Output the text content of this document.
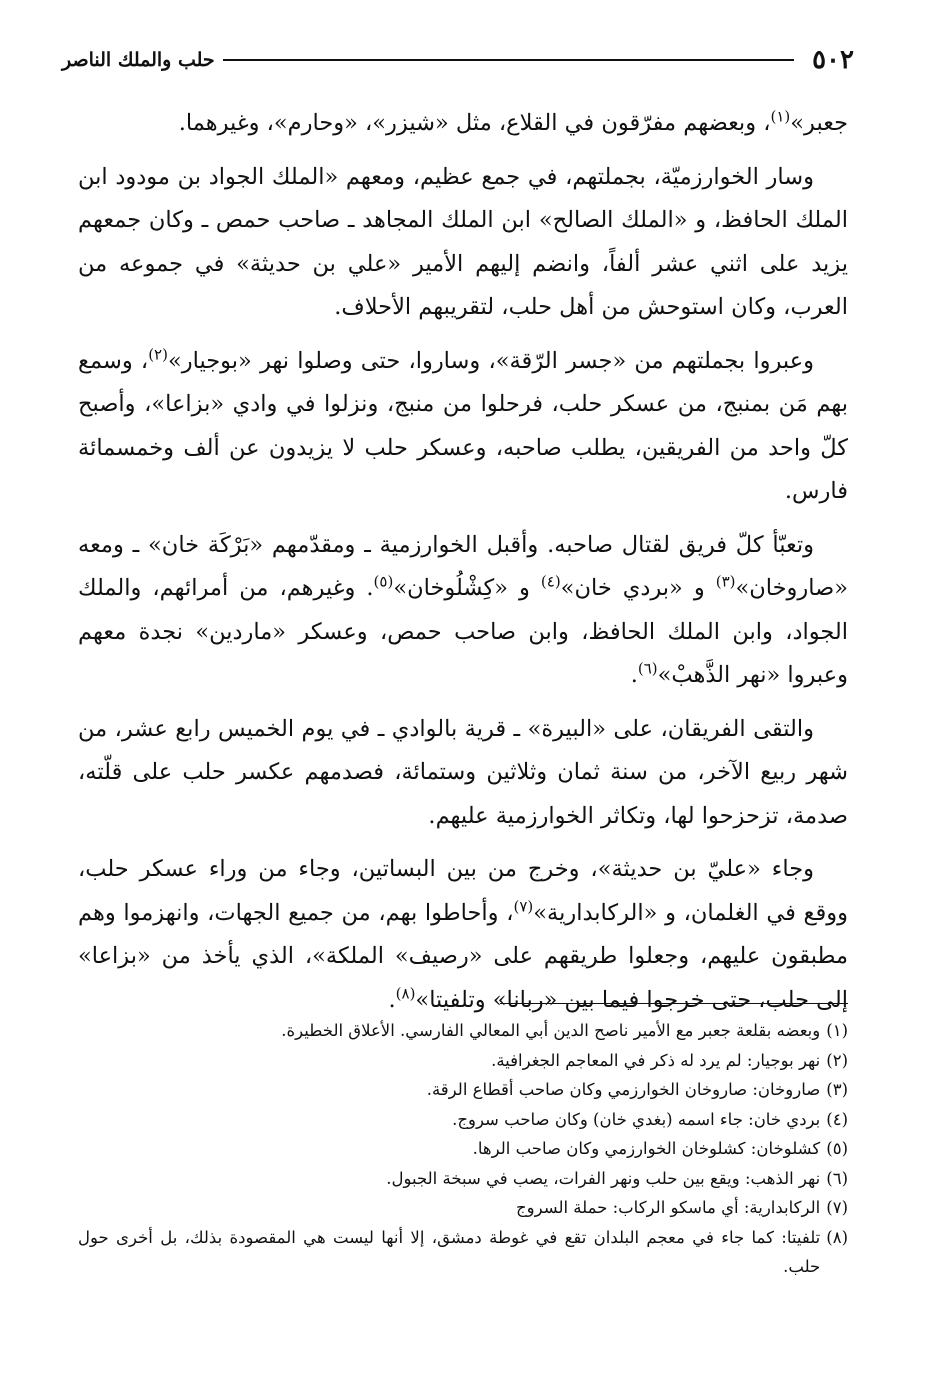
٥٠٢
حلب والملك الناصر

جعبر»$^{(١)}$، وبعضهم مفرّقون في القلاع، مثل «شيزر»، «وحارم»، وغيرهما.

وسار الخوارزميّة، بجملتهم، في جمع عظيم، ومعهم «الملك الجواد بن مودود ابن الملك الحافظ، و «الملك الصالح» ابن الملك المجاهد ـ صاحب حمص ـ وكان جمعهم يزيد على اثني عشر ألفاً، وانضم إليهم الأمير «علي بن حديثة» في جموعه من العرب، وكان استوحش من أهل حلب، لتقريبهم الأحلاف.

وعبروا بجملتهم من «جسر الرّقة»، وساروا، حتى وصلوا نهر «بوجيار»$^{(٢)}$، وسمع بهم مَن بمنبج، من عسكر حلب، فرحلوا من منبج، ونزلوا في وادي «بزاعا»، وأصبح كلّ واحد من الفريقين، يطلب صاحبه، وعسكر حلب لا يزيدون عن ألف وخمسمائة فارس.

وتعبّأ كلّ فريق لقتال صاحبه. وأقبل الخوارزمية ـ ومقدّمهم «بَرْكَة خان» ـ ومعه «صاروخان»$^{(٣)}$ و «بردي خان»$^{(٤)}$ و «كِشْلُوخان»$^{(٥)}$. وغيرهم، من أمرائهم، والملك الجواد، وابن الملك الحافظ، وابن صاحب حمص، وعسكر «ماردين» نجدة معهم وعبروا «نهر الذَّهبْ»$^{(٦)}$.

والتقى الفريقان، على «البيرة» ـ قرية بالوادي ـ في يوم الخميس رابع عشر، من شهر ربيع الآخر، من سنة ثمان وثلاثين وستمائة، فصدمهم عكسر حلب على قلّته، صدمة، تزحزحوا لها، وتكاثر الخوارزمية عليهم.

وجاء «عليّ بن حديثة»، وخرج من بين البساتين، وجاء من وراء عسكر حلب، ووقع في الغلمان، و «الركابدارية»$^{(٧)}$، وأحاطوا بهم، من جميع الجهات، وانهزموا وهم مطبقون عليهم، وجعلوا طريقهم على «رصيف» الملكة»، الذي يأخذ من «بزاعا» إلى حلب، حتى خرجوا فيما بين «ربانا» وتلفيتا»$^{(٨)}$.

(١)
وبعضه بقلعة جعبر مع الأمير ناصح الدين أبي المعالي الفارسي. الأعلاق الخطيرة.
(٢)
نهر بوجيار: لم يرد له ذكر في المعاجم الجغرافية.
(٣)
صاروخان: صاروخان الخوارزمي وكان صاحب أقطاع الرقة.
(٤)
بردي خان: جاء اسمه (بغدي خان) وكان صاحب سروج.
(٥)
كشلوخان: كشلوخان الخوارزمي وكان صاحب الرها.
(٦)
نهر الذهب: ويقع بين حلب ونهر الفرات، يصب في سبخة الجبول.
(٧)
الركابدارية: أي ماسكو الركاب: حملة السروج
(٨)
تلفيتا: كما جاء في معجم البلدان تقع في غوطة دمشق، إلا أنها ليست هي المقصودة بذلك، بل أخرى حول حلب.
